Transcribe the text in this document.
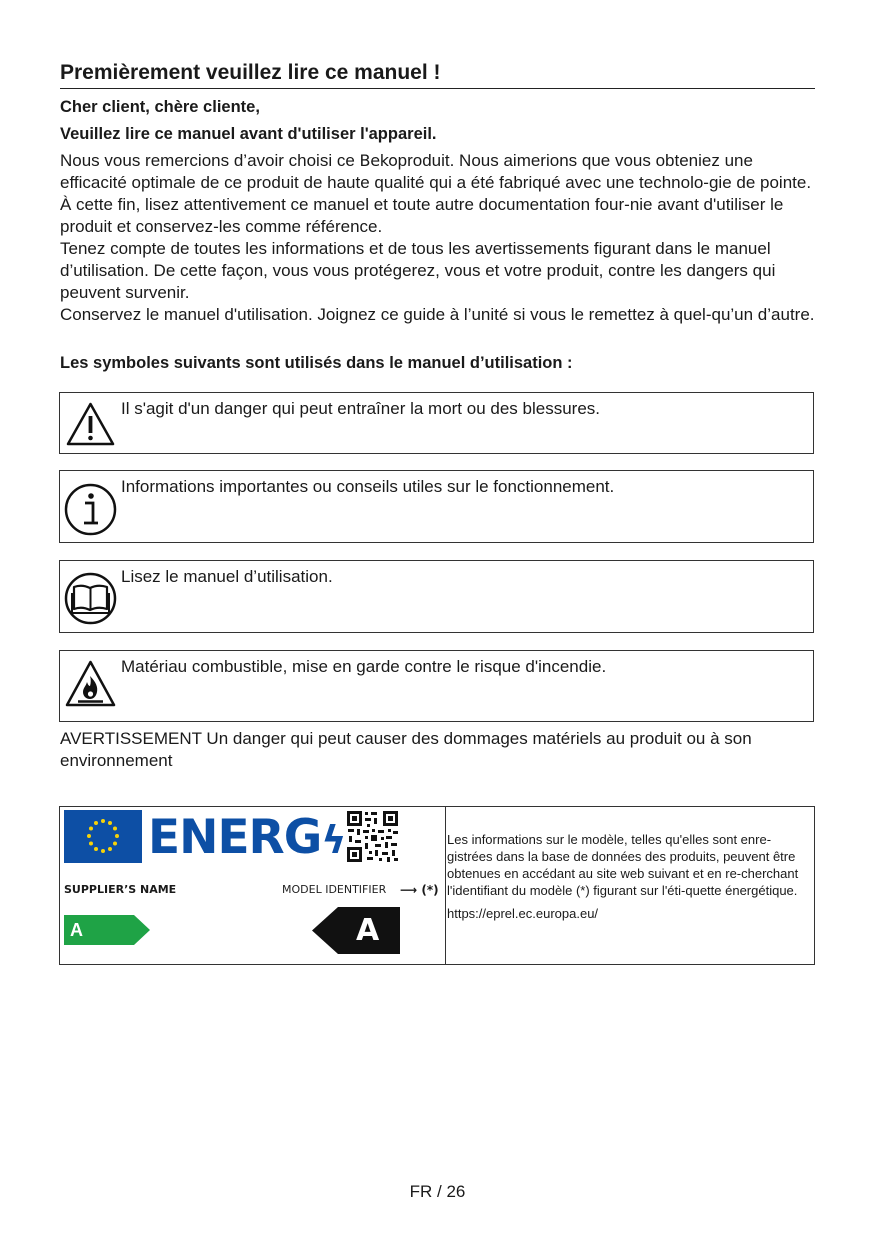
Premièrement veuillez lire ce manuel !
Cher client, chère cliente,
Veuillez lire ce manuel avant d'utiliser l'appareil.

Nous vous remercions d’avoir choisi ce Bekoproduit. Nous aimerions que vous obteniez une efficacité optimale de ce produit de haute qualité qui a été fabriqué avec une technolo-gie de pointe. À cette fin, lisez attentivement ce manuel et toute autre documentation four-nie avant d'utiliser le produit et conservez-les comme référence.

Tenez compte de toutes les informations et de tous les avertissements figurant dans le manuel d’utilisation. De cette façon, vous vous protégerez, vous et votre produit, contre les dangers qui peuvent survenir.

Conservez le manuel d'utilisation. Joignez ce guide à l’unité si vous le remettez à quel-qu’un d’autre.

Les symboles suivants sont utilisés dans le manuel d’utilisation :
Il s'agit d'un danger qui peut entraîner la mort ou des blessures.
Informations importantes ou conseils utiles sur le fonctionnement.
Lisez le manuel d’utilisation.
Matériau combustible, mise en garde contre le risque d'incendie.
AVERTISSEMENT Un danger qui peut causer des dommages matériels au produit ou à son environnement
ENERGϟ
SUPPLIER’S NAME	MODEL IDENTIFIER ⟶ (*)
A	A

Les informations sur le modèle, telles qu'elles sont enre-gistrées dans la base de données des produits, peuvent être obtenues en accédant au site web suivant et en re-cherchant l'identifiant du modèle (*) figurant sur l'éti-quette énergétique.

https://eprel.ec.europa.eu/

FR / 26
